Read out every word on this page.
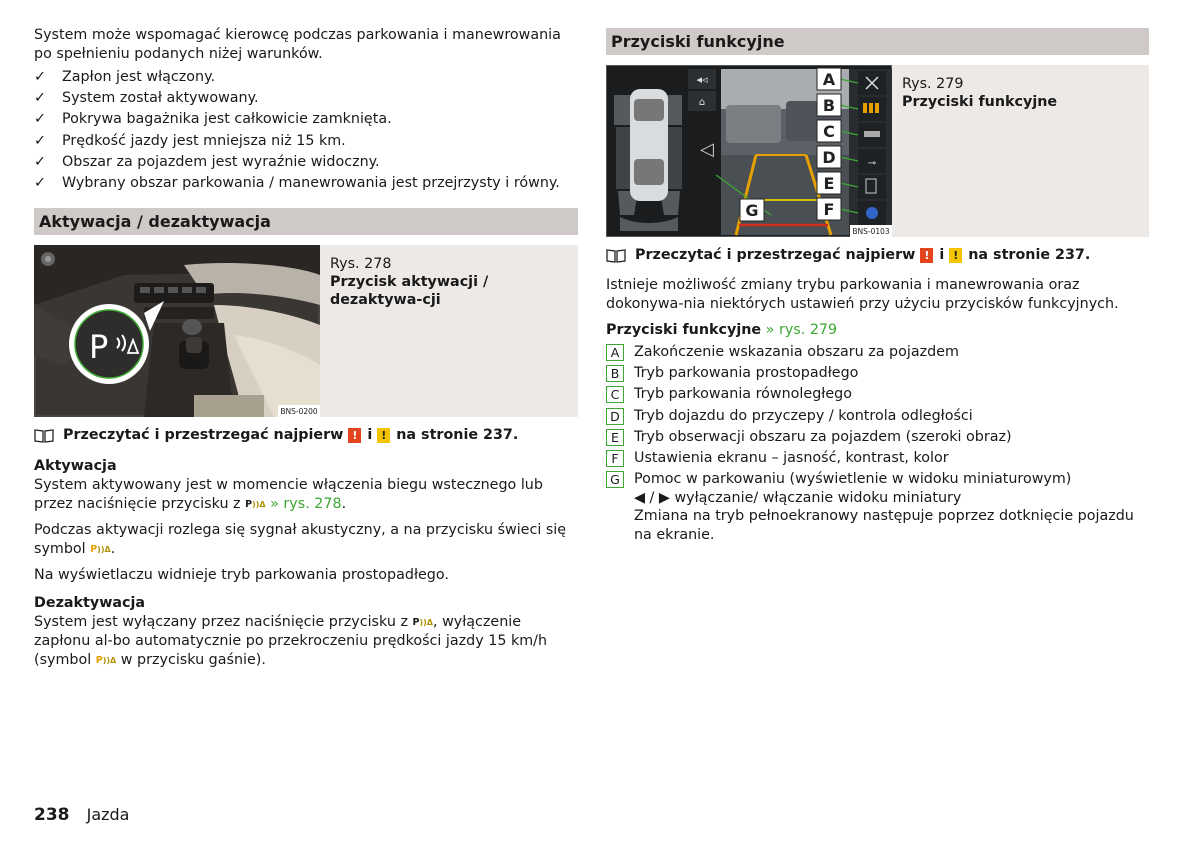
System może wspomagać kierowcę podczas parkowania i manewrowania po spełnieniu podanych niżej warunków.

✓ Zapłon jest włączony.
✓ System został aktywowany.
✓ Pokrywa bagażnika jest całkowicie zamknięta.
✓ Prędkość jazdy jest mniejsza niż 15 km.
✓ Obszar za pojazdem jest wyraźnie widoczny.
✓ Wybrany obszar parkowania / manewrowania jest przejrzysty i równy.
Aktywacja / dezaktywacja
P
BNS-0200
Rys. 278
Przycisk aktywacji / dezaktywa-cji
Przeczytać i przestrzegać najpierw ! i ! na stronie 237.

Aktywacja

System aktywowany jest w momencie włączenia biegu wstecznego lub przez naciśnięcie przycisku z P))Δ » rys. 278.

Podczas aktywacji rozlega się sygnał akustyczny, a na przycisku świeci się symbol P))Δ.

Na wyświetlaczu widnieje tryb parkowania prostopadłego.

Dezaktywacja

System jest wyłączany przez naciśnięcie przycisku z P))Δ, wyłączenie zapłonu al-bo automatycznie po przekroczeniu prędkości jazdy 15 km/h (symbol P))Δ w przycisku gaśnie).

Przyciski funkcyjne
◂◃
⌂
◁
⊸
A
B
C
D
E
F
G
BNS-0103
Rys. 279
Przyciski funkcyjne
Przeczytać i przestrzegać najpierw ! i ! na stronie 237.

Istnieje możliwość zmiany trybu parkowania i manewrowania oraz dokonywa-nia niektórych ustawień przy użyciu przycisków funkcyjnych.

Przyciski funkcyjne » rys. 279

A	Zakończenie wskazania obszaru za pojazdem
B	Tryb parkowania prostopadłego
C	Tryb parkowania równoległego
D Tryb dojazdu do przyczepy / kontrola odległości
E	Tryb obserwacji obszaru za pojazdem (szeroki obraz)
F	Ustawienia ekranu – jasność, kontrast, kolor
G Pomoc w parkowaniu (wyświetlenie w widoku miniaturowym)
◀ / ▶ wyłączanie/ włączanie widoku miniatury
Zmiana na tryb pełnoekranowy następuje poprzez dotknięcie pojazdu na ekranie.
238 Jazda
